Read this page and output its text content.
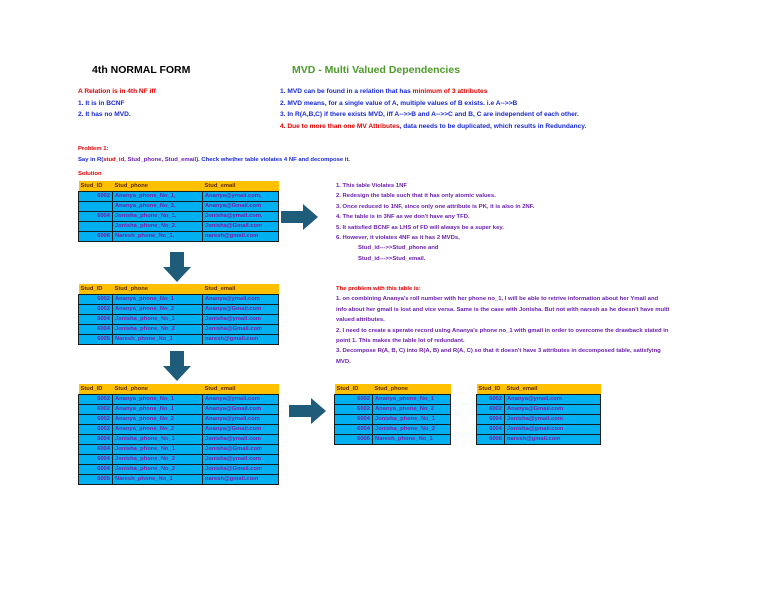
4th NORMAL FORM	MVD - Multi Valued Dependencies
A Relation is in 4th NF iff
1. It is in BCNF
2. It has no MVD.
1. MVD can be found in a relation that has minimum of 3 attributes
2. MVD means, for a single value of A, multiple values of B exists. i.e A-->>B
3. In R(A,B,C) if there exists MVD, iff A-->>B and A-->>C and B, C are independent of each other.
4. Due to more than one MV Attributes, data needs to be duplicated, which results in Redundancy.
Problem 1:
Say in R(stud_id, Stud_phone, Stud_email). Check whether table violates 4 NF and decompose it.
Solution
Stud_ID	Stud_phone	Stud_email
6002	Ananya_phone_No_1,	Ananya@ymail.com,
	Ananya_phone_No_2,	Ananya@Gmail.com
6004	Jonisha_phone_No_1,	Jonisha@ymail.com,
	Jonisha_phone_No_2,	Jonisha@Gmail.com
6006	Naresh_phone_No_1,	naresh@gmail.com
Stud_ID	Stud_phone	Stud_email
6002	Ananya_phone_No_1	Ananya@ymail.com
6002	Ananya_phone_No_2	Ananya@Gmail.com
6004	Jonisha_phone_No_1	Jonisha@ymail.com
6004	Jonisha_phone_No_2	Jonisha@Gmail.com
6005	Naresh_phone_No_1	naresh@gmail.com
Stud_ID	Stud_phone	Stud_email
6002	Ananya_phone_No_1	Ananya@ymail.com
6002	Ananya_phone_No_1	Ananya@Gmail.com
6002	Ananya_phone_No_2	Ananya@ymail.com
6002	Ananya_phone_No_2	Ananya@Gmail.com
6004	Jonisha_phone_No_1	Jonisha@ymail.com
6004	Jonisha_phone_No_1	Jonisha@Gmail.com
6004	Jonisha_phone_No_2	Jonisha@ymail.com
6004	Jonisha_phone_No_2	Jonisha@Gmail.com
6005	Naresh_phone_No_1	naresh@gmail.com
Stud_ID	Stud_phone
6002	Ananya_phone_No_1
6002	Ananya_phone_No_2
6004	Jonisha_phone_No_1
6004	Jonisha_phone_No_2
6006	Naresh_phone_No_1
Stud_ID	Stud_email
6002	Ananya@ymail.com
6002	Ananya@Gmail.com
6004	Jonisha@ymail.com
6004	Jonisha@gmail.com
6006	naresh@gmail.com
1. This table Violates 1NF
2. Redesign the table such that it has only atomic values.
3. Once reduced to 1NF, since only one attribute is PK, it is also in 2NF.
4. The table is in 3NF as we don't have any TFD.
5. It satisfied BCNF as LHS of FD will always be a super key.
6. However, it violates 4NF as it has 2 MVDs,
Stud_id--->>Stud_phone and
Stud_id--->>Stud_email.
The problem with this table is:
1. on combining Ananya's roll number with her phone no_1, I will be able to retrive information about her Ymail and
info about her gmail is lost and vice versa. Same is the case with Jonisha. But not with naresh as he doesn't have multi
valued attributes.
2. I need to create a sperate record using Ananya's phone no_1 with gmail in order to overcome the drawback stated in
point 1. This makes the table lot of redundant.
3. Decompose R(A, B, C) into R(A, B) and R(A, C) so that it doesn't have 3 attributes in decomposed table, satisfying
MVD.
